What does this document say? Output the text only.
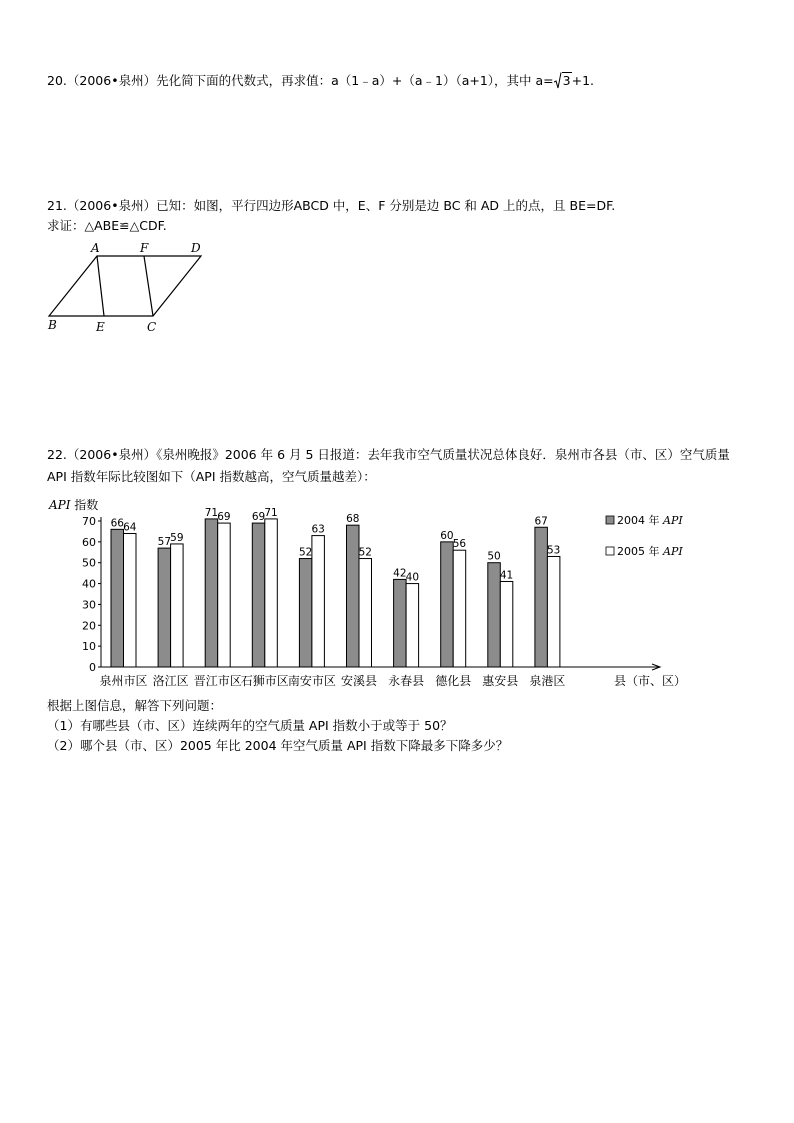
20.（2006•泉州）先化简下面的代数式，再求值：a（1﹣a）+（a﹣1）（a+1），其中 a= 3+1.
21.（2006•泉州）已知：如图，平行四边形ABCD 中，E、F 分别是边 BC 和 AD 上的点，且 BE=DF.
求证：△ABE≌△CDF.
A	F	D
B	E	C
22.（2006•泉州）《泉州晚报》2006 年 6 月 5 日报道：去年我市空气质量状况总体良好．泉州市各县（市、区）空气质量 API 指数年际比较图如下（API 指数越高，空气质量越差）：
0
10
20
30
40
50
60
70 66 64
泉州市区
57 59
洛江区
71 69
晋江市区
69 71
石狮市区
52
63
南安市区
68
52
安溪县
42 40
永春县
60
56
德化县
50
41
惠安县
67
53
泉港区
API 指数
县（市、区）
2004 年 API
2005 年 API
根据上图信息，解答下列问题：
（1）有哪些县（市、区）连续两年的空气质量 API 指数小于或等于 50？
（2）哪个县（市、区）2005 年比 2004 年空气质量 API 指数下降最多下降多少？
